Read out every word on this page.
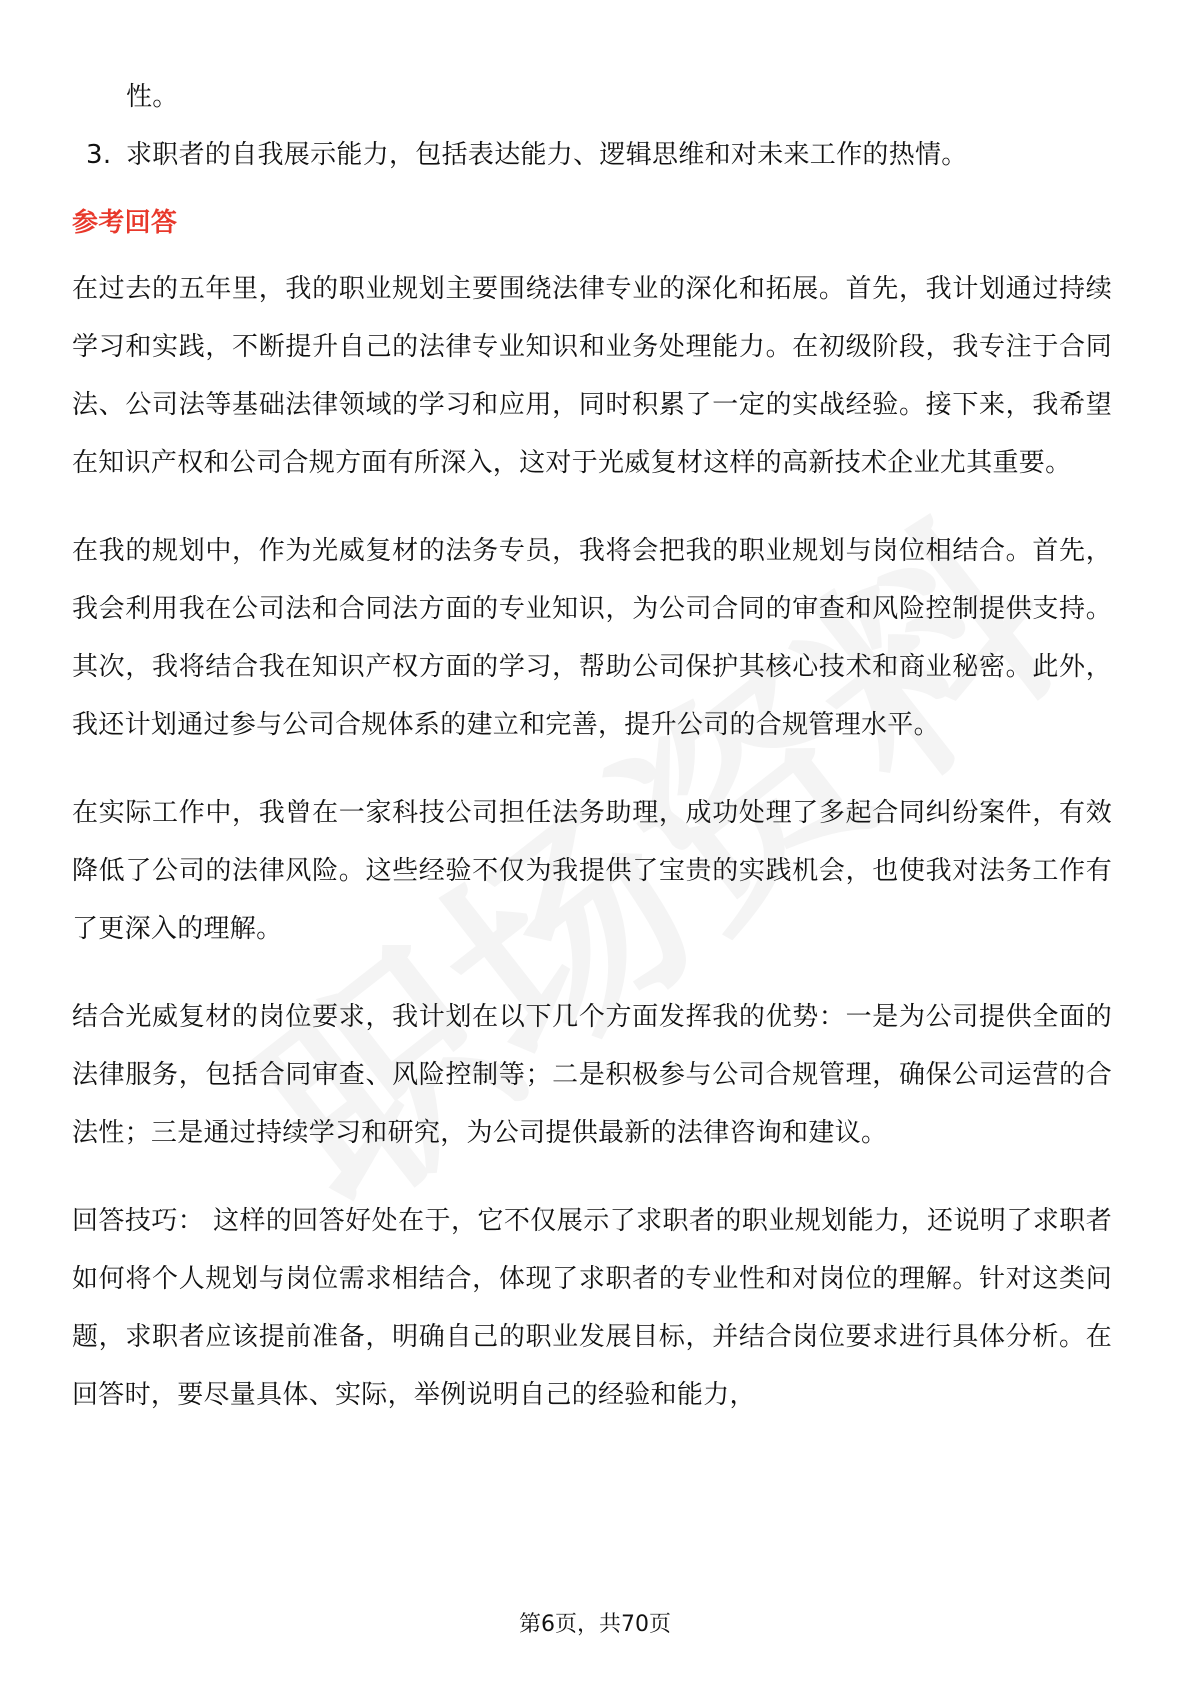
性。

3. 求职者的自我展示能力，包括表达能力、逻辑思维和对未来工作的热情。
参考回答

在过去的五年里，我的职业规划主要围绕法律专业的深化和拓展。首先，我计划通过持续学习和实践，不断提升自己的法律专业知识和业务处理能力。在初级阶段，我专注于合同法、公司法等基础法律领域的学习和应用，同时积累了一定的实战经验。接下来，我希望在知识产权和公司合规方面有所深入，这对于光威复材这样的高新技术企业尤其重要。

在我的规划中，作为光威复材的法务专员，我将会把我的职业规划与岗位相结合。首先，我会利用我在公司法和合同法方面的专业知识，为公司合同的审查和风险控制提供支持。其次，我将结合我在知识产权方面的学习，帮助公司保护其核心技术和商业秘密。此外，我还计划通过参与公司合规体系的建立和完善，提升公司的合规管理水平。

在实际工作中，我曾在一家科技公司担任法务助理，成功处理了多起合同纠纷案件，有效降低了公司的法律风险。这些经验不仅为我提供了宝贵的实践机会，也使我对法务工作有了更深入的理解。

结合光威复材的岗位要求，我计划在以下几个方面发挥我的优势：一是为公司提供全面的法律服务，包括合同审查、风险控制等；二是积极参与公司合规管理，确保公司运营的合法性；三是通过持续学习和研究，为公司提供最新的法律咨询和建议。

回答技巧： 这样的回答好处在于，它不仅展示了求职者的职业规划能力，还说明了求职者如何将个人规划与岗位需求相结合，体现了求职者的专业性和对岗位的理解。针对这类问题，求职者应该提前准备，明确自己的职业发展目标，并结合岗位要求进行具体分析。在回答时，要尽量具体、实际，举例说明自己的经验和能力，

第6页，共70页
